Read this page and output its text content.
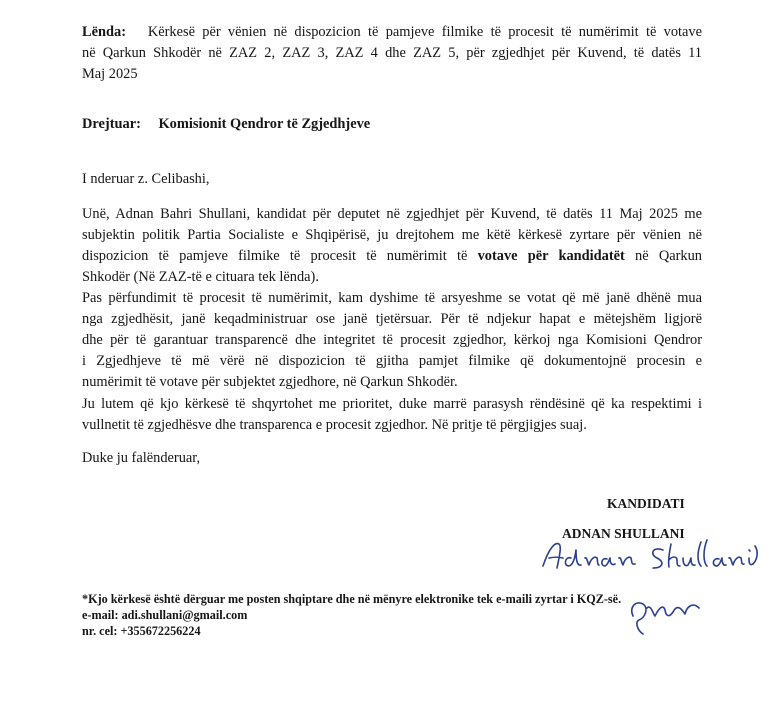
Lënda: Kërkesë për vënien në dispozicion të pamjeve filmike të procesit të numërimit të votave
në Qarkun Shkodër në ZAZ 2, ZAZ 3, ZAZ 4 dhe ZAZ 5, për zgjedhjet për Kuvend, të datës 11
Maj 2025
Drejtuar: Komisionit Qendror të Zgjedhjeve
I nderuar z. Celibashi,
Unë, Adnan Bahri Shullani, kandidat për deputet në zgjedhjet për Kuvend, të datës 11 Maj 2025 me
subjektin politik Partia Socialiste e Shqipërisë, ju drejtohem me këtë kërkesë zyrtare për vënien në
dispozicion të pamjeve filmike të procesit të numërimit të votave për kandidatët në Qarkun
Shkodër (Në ZAZ-të e cituara tek lënda).
Pas përfundimit të procesit të numërimit, kam dyshime të arsyeshme se votat që më janë dhënë mua
nga zgjedhësit, janë keqadministruar ose janë tjetërsuar. Për të ndjekur hapat e mëtejshëm ligjorë
dhe për të garantuar transparencë dhe integritet të procesit zgjedhor, kërkoj nga Komisioni Qendror
i Zgjedhjeve të më vërë në dispozicion të gjitha pamjet filmike që dokumentojnë procesin e
numërimit të votave për subjektet zgjedhore, në Qarkun Shkodër.
Ju lutem që kjo kërkesë të shqyrtohet me prioritet, duke marrë parasysh rëndësinë që ka respektimi i
vullnetit të zgjedhësve dhe transparenca e procesit zgjedhor. Në pritje të përgjigjes suaj.
Duke ju falënderuar,
KANDIDATI
ADNAN SHULLANI
*Kjo kërkesë është dërguar me posten shqiptare dhe në mënyre elektronike tek e-maili zyrtar i KQZ-së.
e-mail: adi.shullani@gmail.com
nr. cel: +355672256224
